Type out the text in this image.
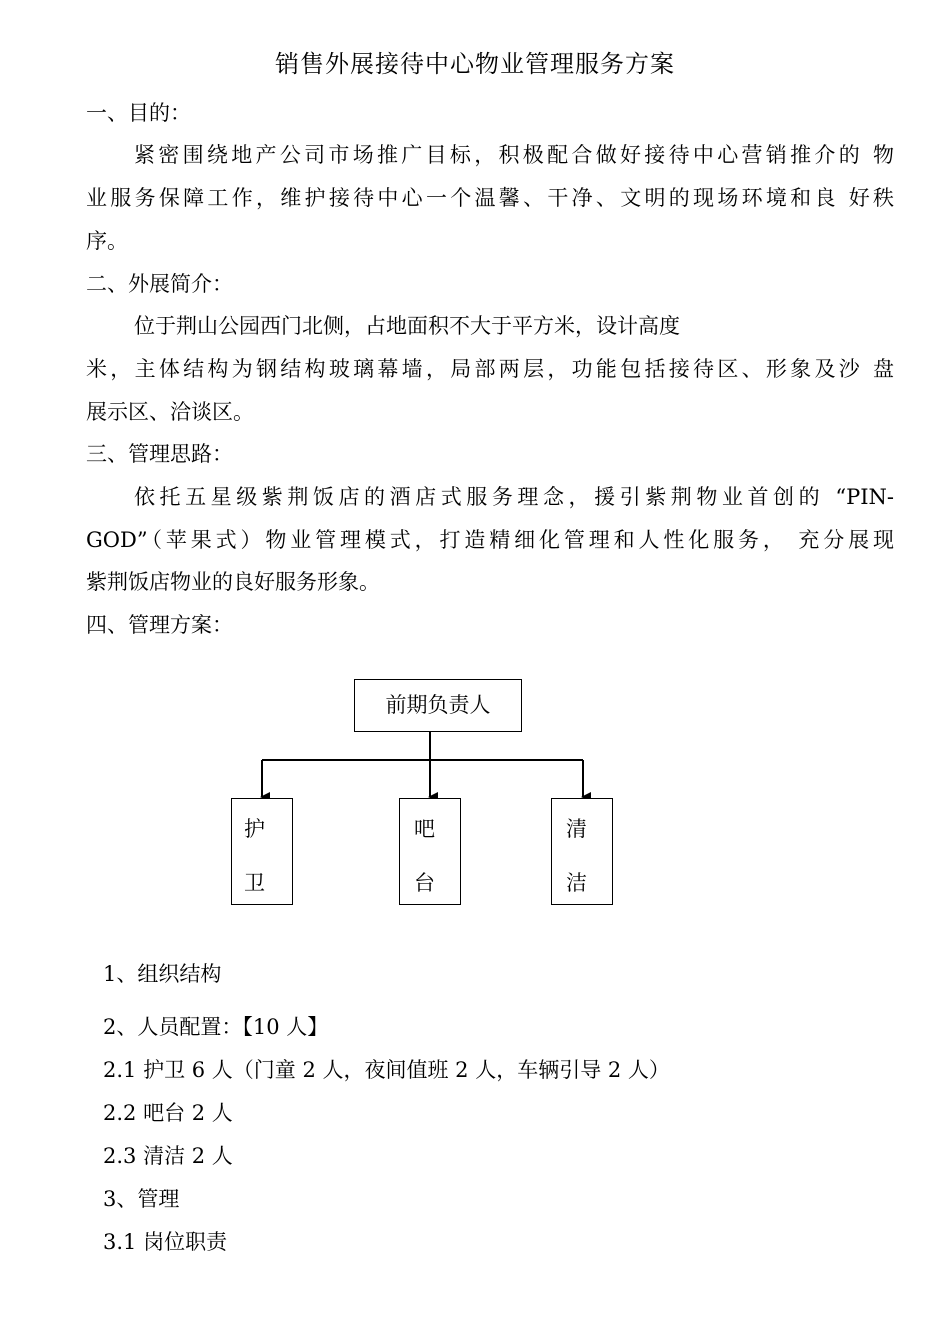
销售外展接待中心物业管理服务方案
一、目的：
紧密围绕地产公司市场推广目标，积极配合做好接待中心营销推介的 物
业服务保障工作，维护接待中心一个温馨、干净、文明的现场环境和良 好秩
序。
二、外展简介：
位于荆山公园西门北侧，占地面积不大于平方米，设计高度
米，主体结构为钢结构玻璃幕墙，局部两层，功能包括接待区、形象及沙 盘
展示区、洽谈区。
三、管理思路：
依托五星级紫荆饭店的酒店式服务理念，援引紫荆物业首创的 “PIN-
GOD”（苹果式）物业管理模式，打造精细化管理和人性化服务， 充分展现
紫荆饭店物业的良好服务形象。
四、管理方案：
前期负责人
护
卫
吧
台
清
洁
1、组织结构
2、人员配置：【10 人】
2.1 护卫 6 人（门童 2 人，夜间值班 2 人，车辆引导 2 人）
2.2 吧台 2 人
2.3 清洁 2 人
3、管理
3.1 岗位职责
